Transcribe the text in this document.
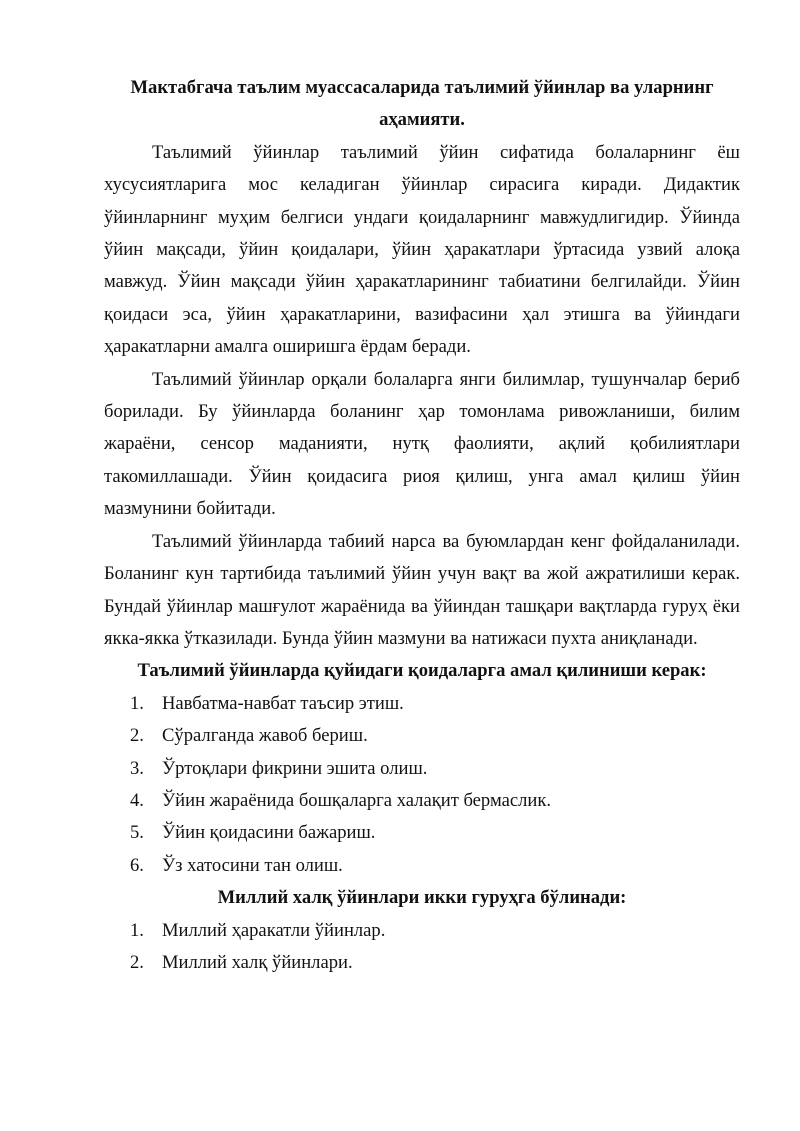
Мактабгача таълим муассасаларида таълимий ўйинлар ва уларнинг аҳамияти.

Таълимий ўйинлар таълимий ўйин сифатида болаларнинг ёш хусусиятларига мос келадиган ўйинлар сирасига киради. Дидактик ўйинларнинг муҳим белгиси ундаги қоидаларнинг мавжудлигидир. Ўйинда ўйин мақсади, ўйин қоидалари, ўйин ҳаракатлари ўртасида узвий алоқа мавжуд. Ўйин мақсади ўйин ҳаракатларининг табиатини белгилайди. Ўйин қоидаси эса, ўйин ҳаракатларини, вазифасини ҳал этишга ва ўйиндаги ҳаракатларни амалга оширишга ёрдам беради.

Таълимий ўйинлар орқали болаларга янги билимлар, тушунчалар бериб борилади. Бу ўйинларда боланинг ҳар томонлама ривожланиши, билим жараёни, сенсор маданияти, нутқ фаолияти, ақлий қобилиятлари такомиллашади. Ўйин қоидасига риоя қилиш, унга амал қилиш ўйин мазмунини бойитади.

Таълимий ўйинларда табиий нарса ва буюмлардан кенг фойдаланилади. Боланинг кун тартибида таълимий ўйин учун вақт ва жой ажратилиши керак. Бундай ўйинлар машғулот жараёнида ва ўйиндан ташқари вақтларда гуруҳ ёки якка-якка ўтказилади. Бунда ўйин мазмуни ва натижаси пухта аниқланади.

Таълимий ўйинларда қуйидаги қоидаларга амал қилиниши керак:

1. Навбатма-навбат таъсир этиш.
2. Сўралганда жавоб бериш.
3. Ўртоқлари фикрини эшита олиш.
4. Ўйин жараёнида бошқаларга халақит бермаслик.
5. Ўйин қоидасини бажариш.
6. Ўз хатосини тан олиш.

Миллий халқ ўйинлари икки гуруҳга бўлинади:

1. Миллий ҳаракатли ўйинлар.
2. Миллий халқ ўйинлари.
